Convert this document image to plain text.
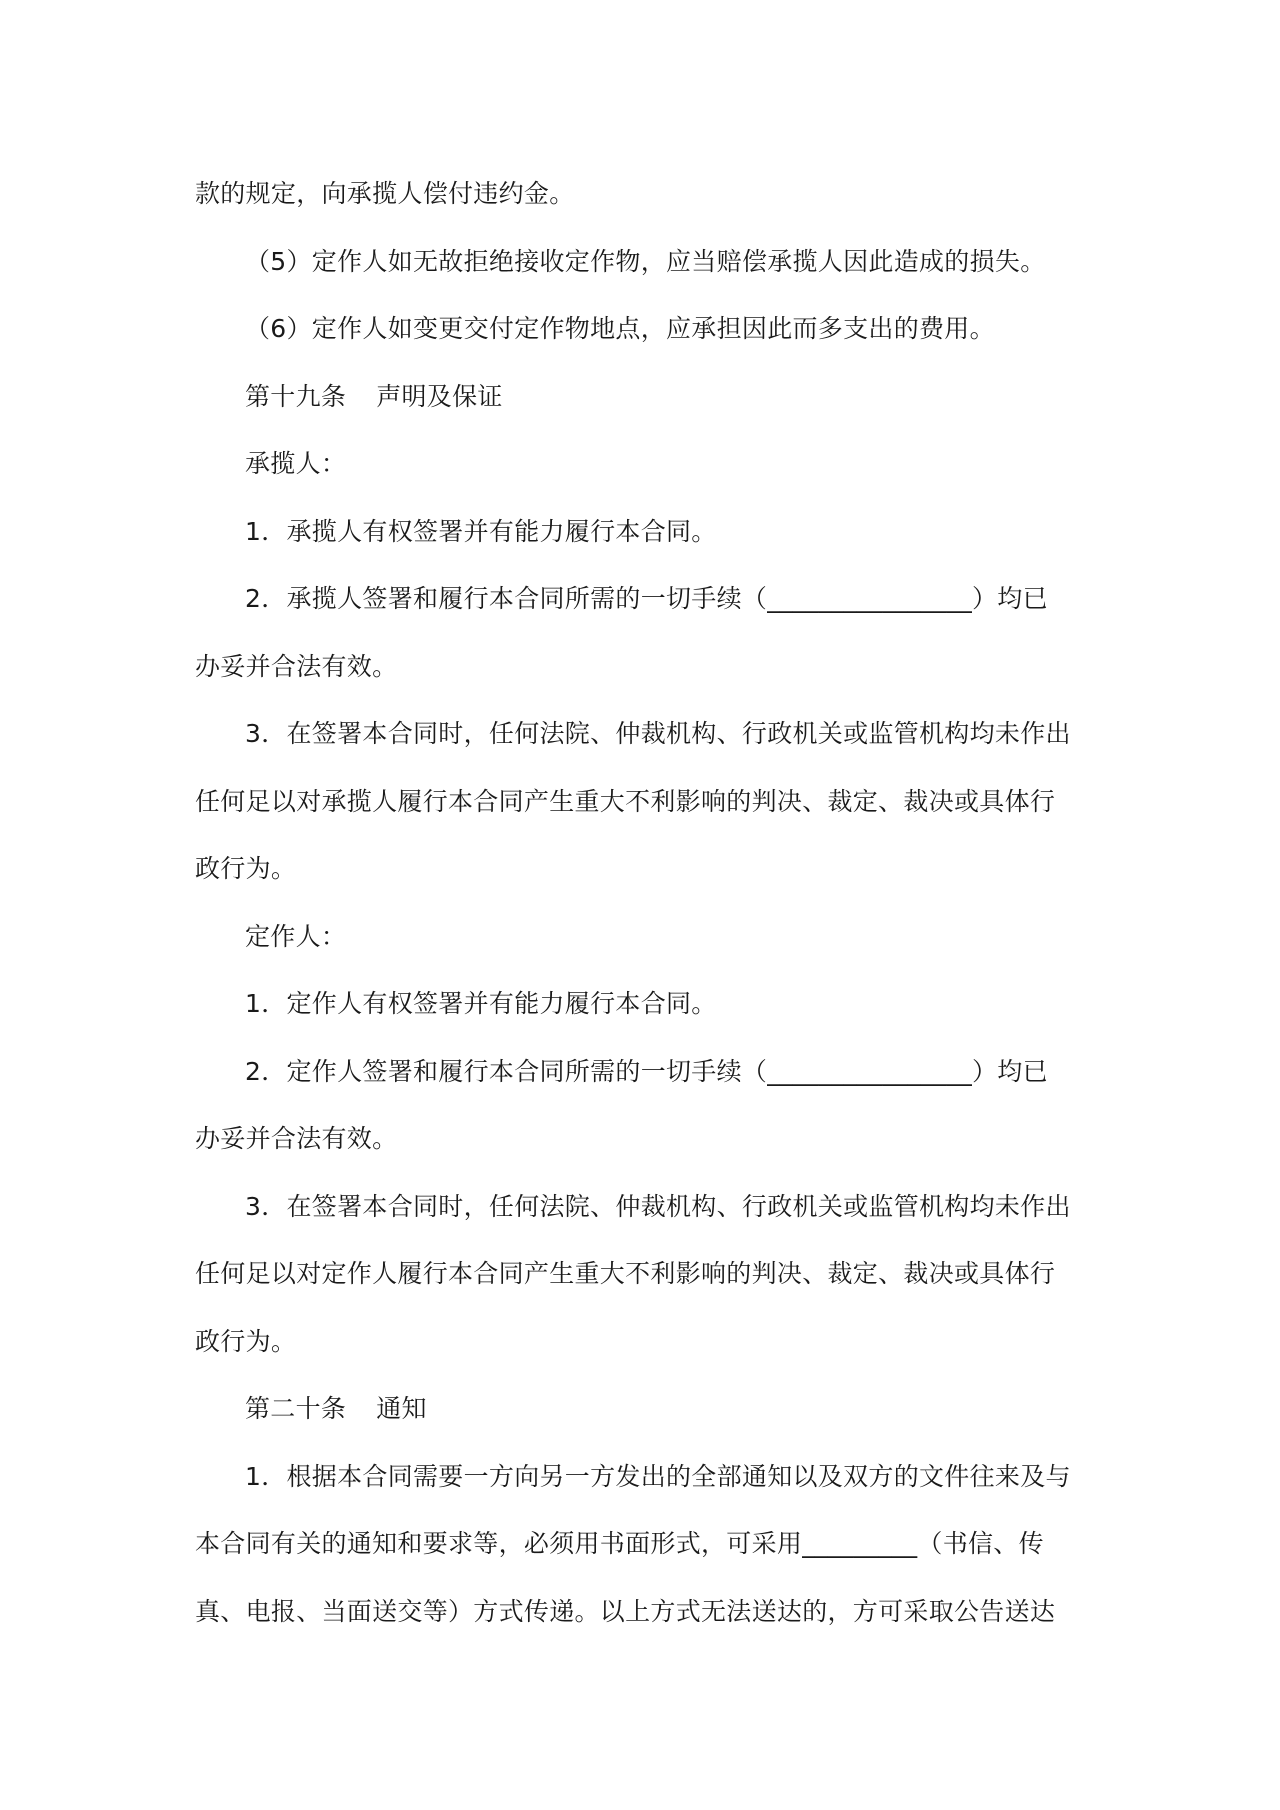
款的规定，向承揽人偿付违约金。
（5）定作人如无故拒绝接收定作物，应当赔偿承揽人因此造成的损失。
（6）定作人如变更交付定作物地点，应承担因此而多支出的费用。
第十九条 声明及保证
承揽人：
1．承揽人有权签署并有能力履行本合同。
2．承揽人签署和履行本合同所需的一切手续（________________）均已
办妥并合法有效。
3．在签署本合同时，任何法院、仲裁机构、行政机关或监管机构均未作出
任何足以对承揽人履行本合同产生重大不利影响的判决、裁定、裁决或具体行
政行为。
定作人：
1．定作人有权签署并有能力履行本合同。
2．定作人签署和履行本合同所需的一切手续（________________）均已
办妥并合法有效。
3．在签署本合同时，任何法院、仲裁机构、行政机关或监管机构均未作出
任何足以对定作人履行本合同产生重大不利影响的判决、裁定、裁决或具体行
政行为。
第二十条 通知
1．根据本合同需要一方向另一方发出的全部通知以及双方的文件往来及与
本合同有关的通知和要求等，必须用书面形式，可采用_________（书信、传
真、电报、当面送交等）方式传递。以上方式无法送达的，方可采取公告送达
